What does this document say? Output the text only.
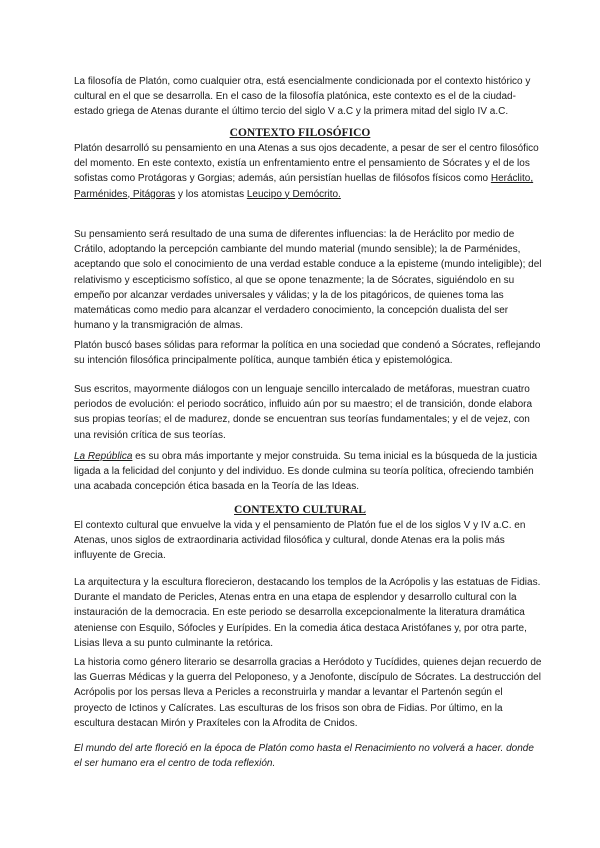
La filosofía de Platón, como cualquier otra, está esencialmente condicionada por el contexto histórico y cultural en el que se desarrolla. En el caso de la filosofía platónica, este contexto es el de la ciudad-estado griega de Atenas durante el último tercio del siglo V a.C y la primera mitad del siglo IV a.C.

CONTEXTO FILOSÓFICO

Platón desarrolló su pensamiento en una Atenas a sus ojos decadente, a pesar de ser el centro filosófico del momento. En este contexto, existía un enfrentamiento entre el pensamiento de Sócrates y el de los sofistas como Protágoras y Gorgias; además, aún persistían huellas de filósofos físicos como Heráclito, Parménides, Pitágoras y los atomistas Leucipo y Demócrito.

Su pensamiento será resultado de una suma de diferentes influencias: la de Heráclito por medio de Crátilo, adoptando la percepción cambiante del mundo material (mundo sensible); la de Parménides, aceptando que solo el conocimiento de una verdad estable conduce a la episteme (mundo inteligible); del relativismo y escepticismo sofístico, al que se opone tenazmente; la de Sócrates, siguiéndolo en su empeño por alcanzar verdades universales y válidas; y la de los pitagóricos, de quienes toma las matemáticas como medio para alcanzar el verdadero conocimiento, la concepción dualista del ser humano y la transmigración de almas.

Platón buscó bases sólidas para reformar la política en una sociedad que condenó a Sócrates, reflejando su intención filosófica principalmente política, aunque también ética y epistemológica.

Sus escritos, mayormente diálogos con un lenguaje sencillo intercalado de metáforas, muestran cuatro periodos de evolución: el periodo socrático, influido aún por su maestro; el de transición, donde elabora sus propias teorías; el de madurez, donde se encuentran sus teorías fundamentales; y el de vejez, con una revisión crítica de sus teorías.

La República es su obra más importante y mejor construida. Su tema inicial es la búsqueda de la justicia ligada a la felicidad del conjunto y del individuo. Es donde culmina su teoría política, ofreciendo también una acabada concepción ética basada en la Teoría de las Ideas.

CONTEXTO CULTURAL

El contexto cultural que envuelve la vida y el pensamiento de Platón fue el de los siglos V y IV a.C. en Atenas, unos siglos de extraordinaria actividad filosófica y cultural, donde Atenas era la polis más influyente de Grecia.

La arquitectura y la escultura florecieron, destacando los templos de la Acrópolis y las estatuas de Fidias. Durante el mandato de Pericles, Atenas entra en una etapa de esplendor y desarrollo cultural con la instauración de la democracia. En este periodo se desarrolla excepcionalmente la literatura dramática ateniense con Esquilo, Sófocles y Eurípides. En la comedia ática destaca Aristófanes y, por otra parte, Lisias lleva a su punto culminante la retórica.

La historia como género literario se desarrolla gracias a Heródoto y Tucídides, quienes dejan recuerdo de las Guerras Médicas y la guerra del Peloponeso, y a Jenofonte, discípulo de Sócrates. La destrucción del Acrópolis por los persas lleva a Pericles a reconstruirla y mandar a levantar el Partenón según el proyecto de Ictinos y Calícrates. Las esculturas de los frisos son obra de Fidias. Por último, en la escultura destacan Mirón y Praxíteles con la Afrodita de Cnidos.

El mundo del arte floreció en la época de Platón como hasta el Renacimiento no volverá a hacer. donde el ser humano era el centro de toda reflexión.
